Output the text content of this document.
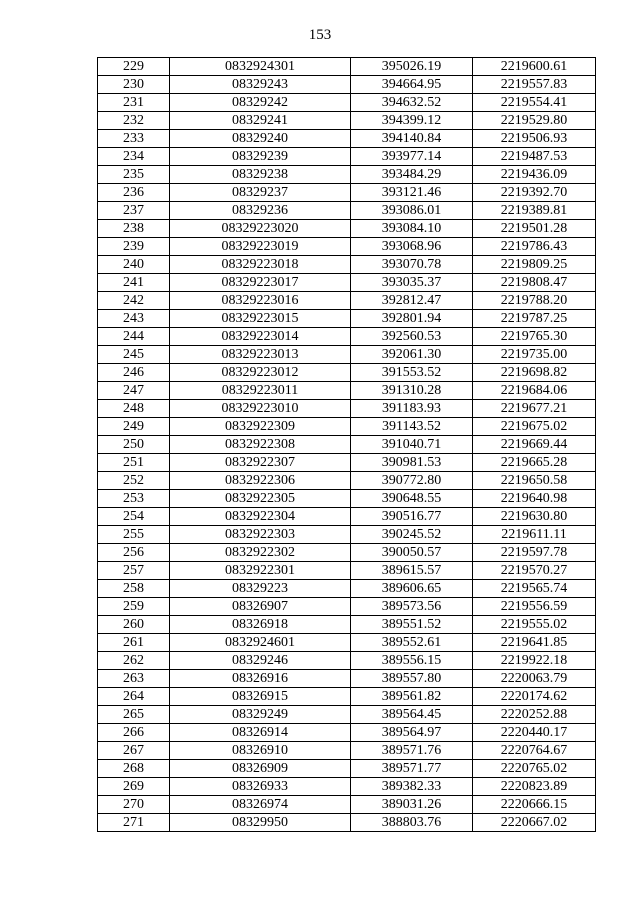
153
229	0832924301	395026.19	2219600.61
230	08329243	394664.95	2219557.83
231	08329242	394632.52	2219554.41
232	08329241	394399.12	2219529.80
233	08329240	394140.84	2219506.93
234	08329239	393977.14	2219487.53
235	08329238	393484.29	2219436.09
236	08329237	393121.46	2219392.70
237	08329236	393086.01	2219389.81
238	08329223020	393084.10	2219501.28
239	08329223019	393068.96	2219786.43
240	08329223018	393070.78	2219809.25
241	08329223017	393035.37	2219808.47
242	08329223016	392812.47	2219788.20
243	08329223015	392801.94	2219787.25
244	08329223014	392560.53	2219765.30
245	08329223013	392061.30	2219735.00
246	08329223012	391553.52	2219698.82
247	08329223011	391310.28	2219684.06
248	08329223010	391183.93	2219677.21
249	0832922309	391143.52	2219675.02
250	0832922308	391040.71	2219669.44
251	0832922307	390981.53	2219665.28
252	0832922306	390772.80	2219650.58
253	0832922305	390648.55	2219640.98
254	0832922304	390516.77	2219630.80
255	0832922303	390245.52	2219611.11
256	0832922302	390050.57	2219597.78
257	0832922301	389615.57	2219570.27
258	08329223	389606.65	2219565.74
259	08326907	389573.56	2219556.59
260	08326918	389551.52	2219555.02
261	0832924601	389552.61	2219641.85
262	08329246	389556.15	2219922.18
263	08326916	389557.80	2220063.79
264	08326915	389561.82	2220174.62
265	08329249	389564.45	2220252.88
266	08326914	389564.97	2220440.17
267	08326910	389571.76	2220764.67
268	08326909	389571.77	2220765.02
269	08326933	389382.33	2220823.89
270	08326974	389031.26	2220666.15
271	08329950	388803.76	2220667.02
